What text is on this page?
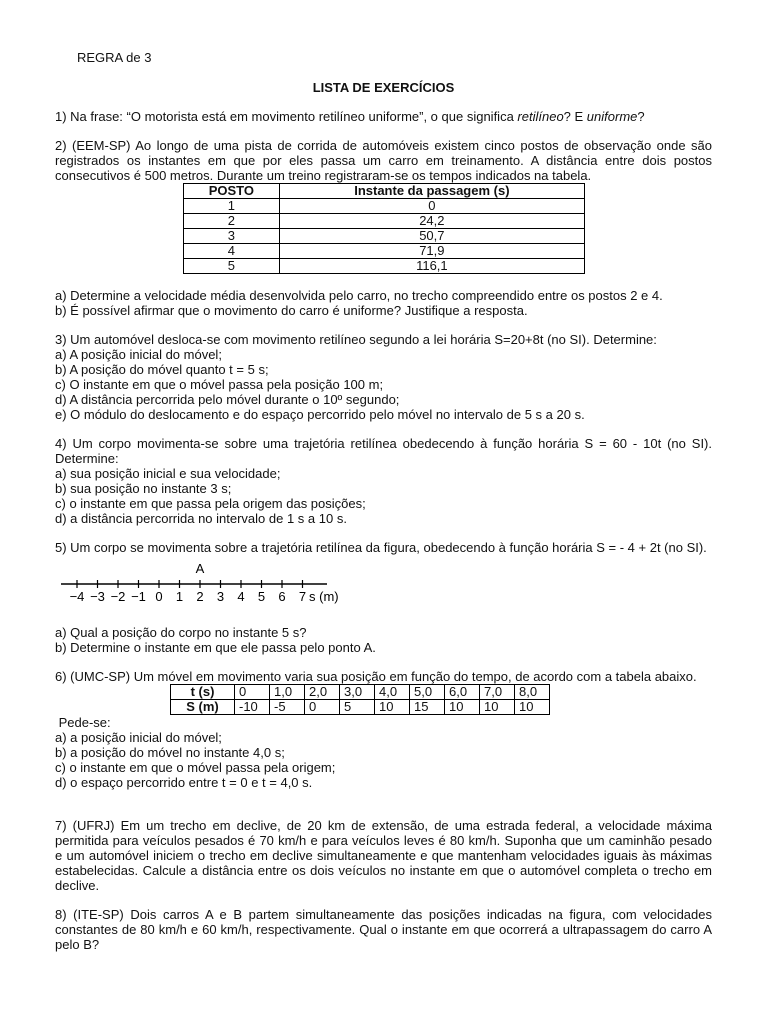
REGRA de 3

LISTA DE EXERCÍCIOS

1) Na frase: “O motorista está em movimento retilíneo uniforme”, o que significa retilíneo? E uniforme?

2) (EEM-SP) Ao longo de uma pista de corrida de automóveis existem cinco postos de observação onde são registrados os instantes em que por eles passa um carro em treinamento. A distância entre dois postos consecutivos é 500 metros. Durante um treino registraram-se os tempos indicados na tabela.

POSTO	Instante da passagem (s)
1	0
2	24,2
3	50,7
4	71,9
5	116,1

a) Determine a velocidade média desenvolvida pelo carro, no trecho compreendido entre os postos 2 e 4.

b) É possível afirmar que o movimento do carro é uniforme? Justifique a resposta.

3) Um automóvel desloca-se com movimento retilíneo segundo a lei horária S=20+8t (no SI). Determine:

a) A posição inicial do móvel;

b) A posição do móvel quanto t = 5 s;

c) O instante em que o móvel passa pela posição 100 m;

d) A distância percorrida pelo móvel durante o 10º segundo;

e) O módulo do deslocamento e do espaço percorrido pelo móvel no intervalo de 5 s a 20 s.

4) Um corpo movimenta-se sobre uma trajetória retilínea obedecendo à função horária S = 60 - 10t (no SI). Determine:

a) sua posição inicial e sua velocidade;

b) sua posição no instante 3 s;

c) o instante em que passa pela origem das posições;

d) a distância percorrida no intervalo de 1 s a 10 s.

5) Um corpo se movimenta sobre a trajetória retilínea da figura, obedecendo à função horária S = - 4 + 2t (no SI).

−4 −3 −2 −1 0 1 2 3 4 5 6 7
A
s (m)

a) Qual a posição do corpo no instante 5 s?

b) Determine o instante em que ele passa pelo ponto A.

6) (UMC-SP) Um móvel em movimento varia sua posição em função do tempo, de acordo com a tabela abaixo.

t (s)	0	1,0	2,0	3,0	4,0	5,0	6,0	7,0	8,0
S (m)	-10	-5	0	5	10	15	10	10	10

Pede-se:

a) a posição inicial do móvel;

b) a posição do móvel no instante 4,0 s;

c) o instante em que o móvel passa pela origem;

d) o espaço percorrido entre t = 0 e t = 4,0 s.

7) (UFRJ) Em um trecho em declive, de 20 km de extensão, de uma estrada federal, a velocidade máxima permitida para veículos pesados é 70 km/h e para veículos leves é 80 km/h. Suponha que um caminhão pesado e um automóvel iniciem o trecho em declive simultaneamente e que mantenham velocidades iguais às máximas estabelecidas. Calcule a distância entre os dois veículos no instante em que o automóvel completa o trecho em declive.

8) (ITE-SP) Dois carros A e B partem simultaneamente das posições indicadas na figura, com velocidades constantes de 80 km/h e 60 km/h, respectivamente. Qual o instante em que ocorrerá a ultrapassagem do carro A pelo B?
